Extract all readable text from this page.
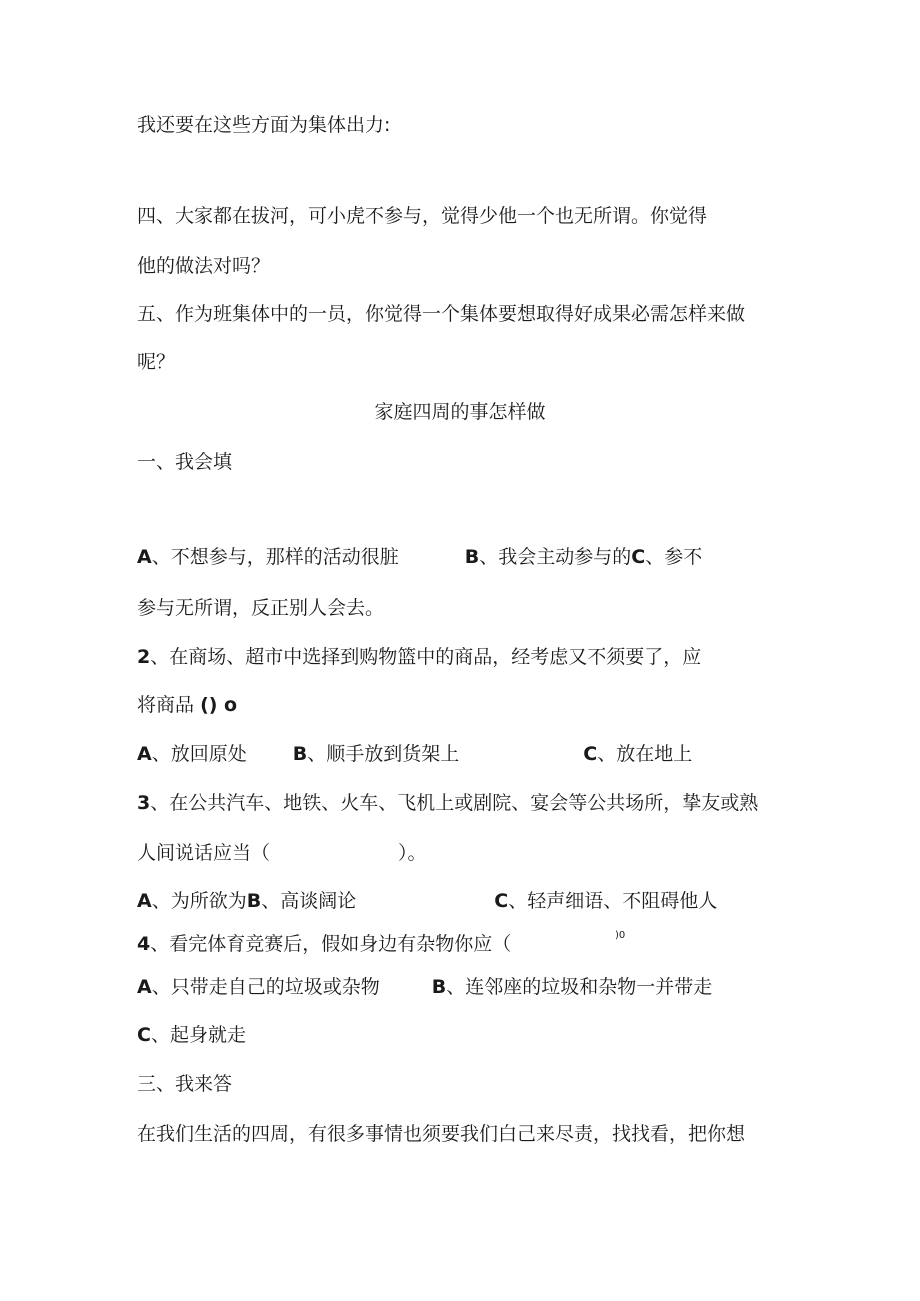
我还要在这些方面为集体出力:

四、大家都在拔河，可小虎不参与，觉得少他一个也无所谓。你觉得

他的做法对吗？

五、作为班集体中的一员，你觉得一个集体要想取得好成果必需怎样来做

呢？

家庭四周的事怎样做

一、我会填

A、不想参与，那样的活动很脏	B、我会主动参与的C、参不

参与无所谓，反正别人会去。

2、在商场、超市中选择到购物篮中的商品，经考虑又不须要了，应

将商品 () o

A、放回原处 B、顺手放到货架上	C、放在地上

3、在公共汽车、地铁、火车、飞机上或剧院、宴会等公共场所，挚友或熟

人间说话应当（	）。

A、为所欲为B、高谈阔论	C、轻声细语、不阻碍他人

4、看完体育竞赛后，假如身边有杂物你应（	)0

A、只带走自己的垃圾或杂物	B、连邻座的垃圾和杂物一并带走

C、起身就走

三、我来答

在我们生活的四周，有很多事情也须要我们白己来尽责，找找看，把你想
